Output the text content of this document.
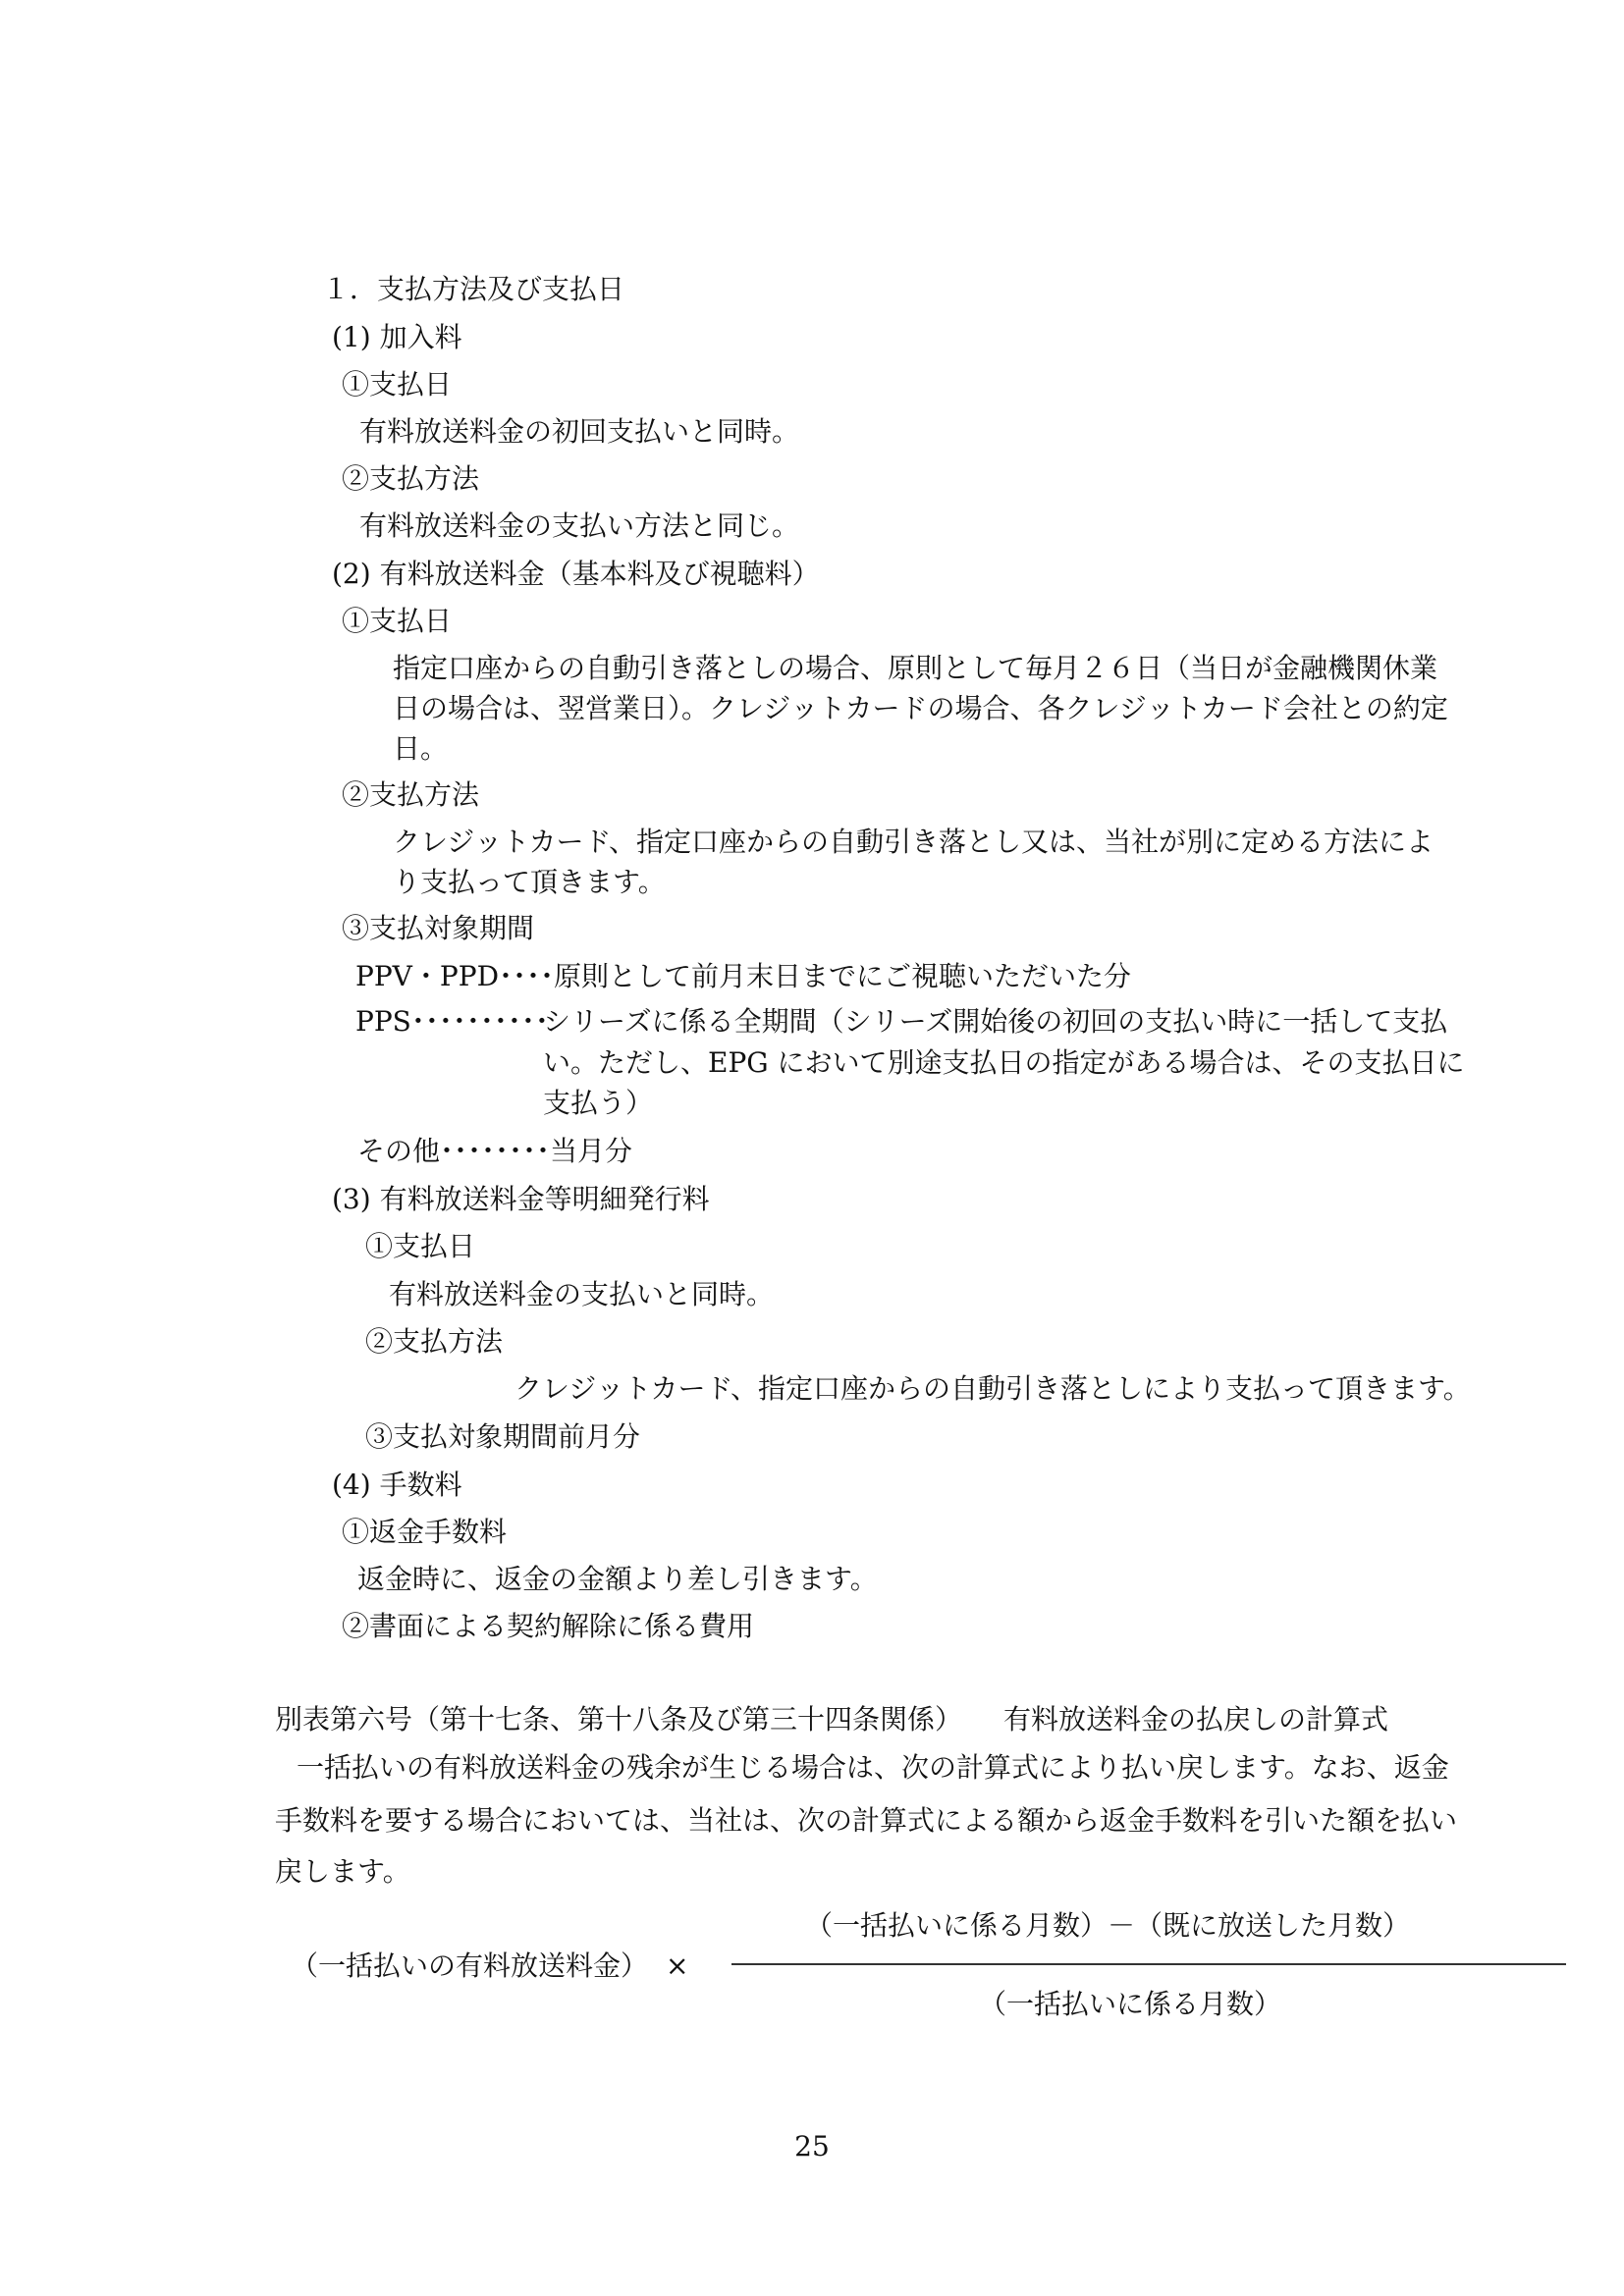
１．支払方法及び支払日
(1) 加入料
①支払日
有料放送料金の初回支払いと同時。
②支払方法
有料放送料金の支払い方法と同じ。
(2) 有料放送料金（基本料及び視聴料）
①支払日
指定口座からの自動引き落としの場合、原則として毎月２６日（当日が金融機関休業
日の場合は、翌営業日）。クレジットカードの場合、各クレジットカード会社との約定
日。
②支払方法
クレジットカード、指定口座からの自動引き落とし又は、当社が別に定める方法によ
り支払って頂きます。
③支払対象期間
PPV・PPD････原則として前月末日までにご視聴いただいた分
PPS･･････････
シリーズに係る全期間（シリーズ開始後の初回の支払い時に一括して支払
い。ただし、EPG において別途支払日の指定がある場合は、その支払日に
支払う）
その他････････当月分
(3) 有料放送料金等明細発行料
①支払日
有料放送料金の支払いと同時。
②支払方法
クレジットカード、指定口座からの自動引き落としにより支払って頂きます。
③支払対象期間前月分
(4) 手数料
①返金手数料
返金時に、返金の金額より差し引きます。
②書面による契約解除に係る費用
別表第六号（第十七条、第十八条及び第三十四条関係）　　有料放送料金の払戻しの計算式
一括払いの有料放送料金の残余が生じる場合は、次の計算式により払い戻します。なお、返金
手数料を要する場合においては、当社は、次の計算式による額から返金手数料を引いた額を払い
戻します。
（一括払いに係る月数）－（既に放送した月数）
（一括払いの有料放送料金） ×
（一括払いに係る月数）
25
